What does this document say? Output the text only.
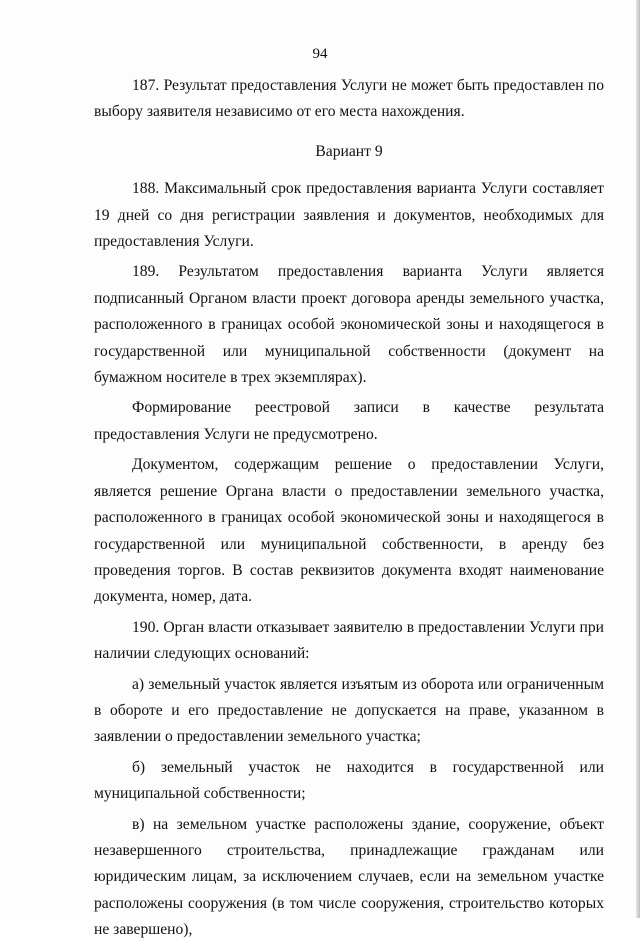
94

187. Результат предоставления Услуги не может быть предоставлен по выбору заявителя независимо от его места нахождения.

Вариант 9

188. Максимальный срок предоставления варианта Услуги составляет 19 дней со дня регистрации заявления и документов, необходимых для предоставления Услуги.

189. Результатом предоставления варианта Услуги является подписанный Органом власти проект договора аренды земельного участка, расположенного в границах особой экономической зоны и находящегося в государственной или муниципальной собственности (документ на бумажном носителе в трех экземплярах).

Формирование реестровой записи в качестве результата предоставления Услуги не предусмотрено.

Документом, содержащим решение о предоставлении Услуги, является решение Органа власти о предоставлении земельного участка, расположенного в границах особой экономической зоны и находящегося в государственной или муниципальной собственности, в аренду без проведения торгов. В состав реквизитов документа входят наименование документа, номер, дата.

190. Орган власти отказывает заявителю в предоставлении Услуги при наличии следующих оснований:

а) земельный участок является изъятым из оборота или ограниченным в обороте и его предоставление не допускается на праве, указанном в заявлении о предоставлении земельного участка;

б) земельный участок не находится в государственной или муниципальной собственности;

в) на земельном участке расположены здание, сооружение, объект незавершенного строительства, принадлежащие гражданам или юридическим лицам, за исключением случаев, если на земельном участке расположены сооружения (в том числе сооружения, строительство которых не завершено),
